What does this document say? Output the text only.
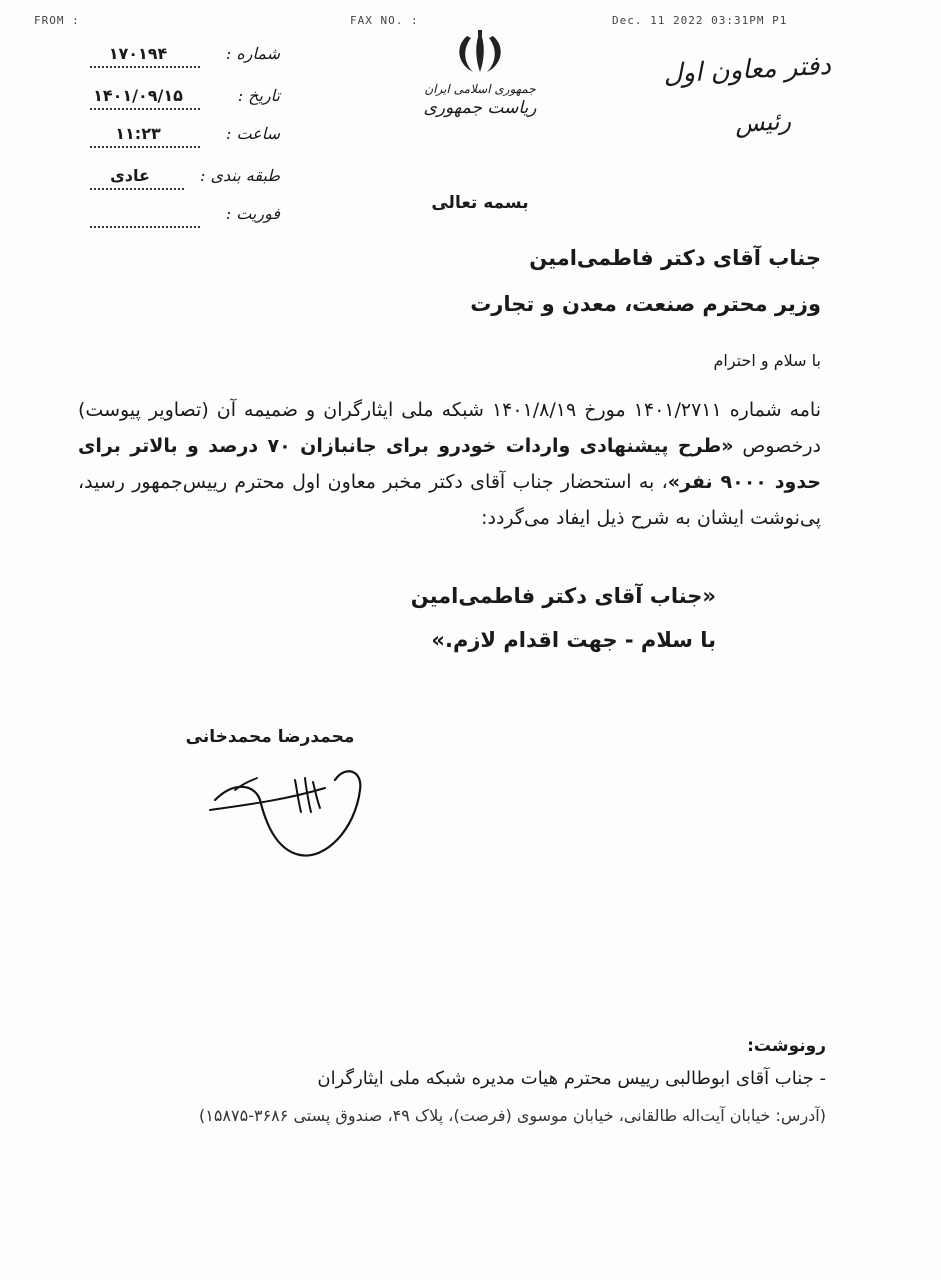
FROM :	FAX NO. :	Dec. 11 2022 03:31PM P1
شماره :
۱۷۰۱۹۴
تاریخ :
۱۴۰۱/۰۹/۱۵
ساعت :
۱۱:۲۳
طبقه بندی :
عادی
فوریت :
جمهوری اسلامی ایران
ریاست جمهوری
دفتر معاون اول
رئیس
بسمه تعالی
جناب آقای دکتر فاطمی‌امین
وزیر محترم صنعت، معدن و تجارت
با سلام و احترام
نامه شماره ۱۴۰۱/۲۷۱۱ مورخ ۱۴۰۱/۸/۱۹ شبکه ملی ایثارگران و ضمیمه آن (تصاویر پیوست) درخصوص «طرح پیشنهادی واردات خودرو برای جانبازان ۷۰ درصد و بالاتر برای حدود ۹۰۰۰ نفر»، به استحضار جناب آقای دکتر مخبر معاون اول محترم رییس‌جمهور رسید، پی‌نوشت ایشان به شرح ذیل ایفاد می‌گردد:
«جناب آقای دکتر فاطمی‌امین
با سلام - جهت اقدام لازم.»
محمدرضا محمدخانی
رونوشت:
- جناب آقای ابوطالبی رییس محترم هیات مدیره شبکه ملی ایثارگران
(آدرس: خیابان آیت‌اله طالقانی، خیابان موسوی (فرصت)، پلاک ۴۹، صندوق پستی ۳۶۸۶-۱۵۸۷۵)
